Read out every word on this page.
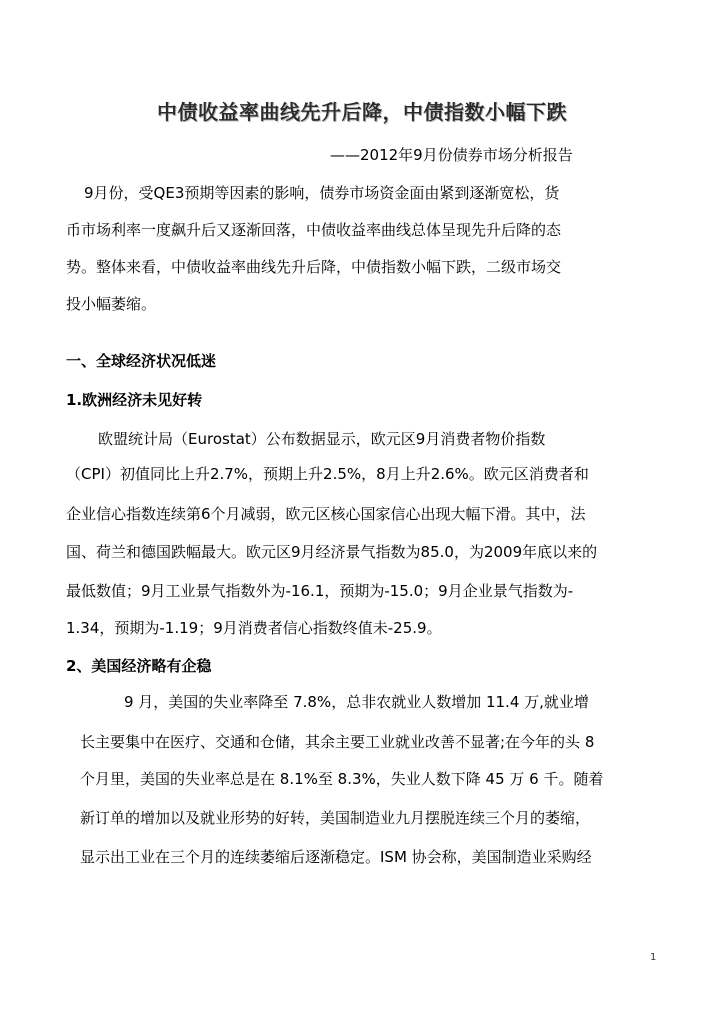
中债收益率曲线先升后降，中债指数小幅下跌
——2012年9月份债券市场分析报告
9月份，受QE3预期等因素的影响，债券市场资金面由紧到逐渐宽松，货
币市场利率一度飙升后又逐渐回落，中债收益率曲线总体呈现先升后降的态
势。整体来看，中债收益率曲线先升后降，中债指数小幅下跌，二级市场交
投小幅萎缩。
一、全球经济状况低迷
1.欧洲经济未见好转
欧盟统计局（Eurostat）公布数据显示，欧元区9月消费者物价指数
（CPI）初值同比上升2.7%，预期上升2.5%，8月上升2.6%。欧元区消费者和
企业信心指数连续第6个月减弱，欧元区核心国家信心出现大幅下滑。其中，法
国、荷兰和德国跌幅最大。欧元区9月经济景气指数为85.0，为2009年底以来的
最低数值；9月工业景气指数外为-16.1，预期为-15.0；9月企业景气指数为-
1.34，预期为-1.19；9月消费者信心指数终值未-25.9。
2、美国经济略有企稳
9 月，美国的失业率降至 7.8%，总非农就业人数增加 11.4 万,就业增
长主要集中在医疗、交通和仓储，其余主要工业就业改善不显著;在今年的头 8
个月里，美国的失业率总是在 8.1%至 8.3%，失业人数下降 45 万 6 千。随着
新订单的增加以及就业形势的好转，美国制造业九月摆脱连续三个月的萎缩，
显示出工业在三个月的连续萎缩后逐渐稳定。ISM 协会称，美国制造业采购经
1
